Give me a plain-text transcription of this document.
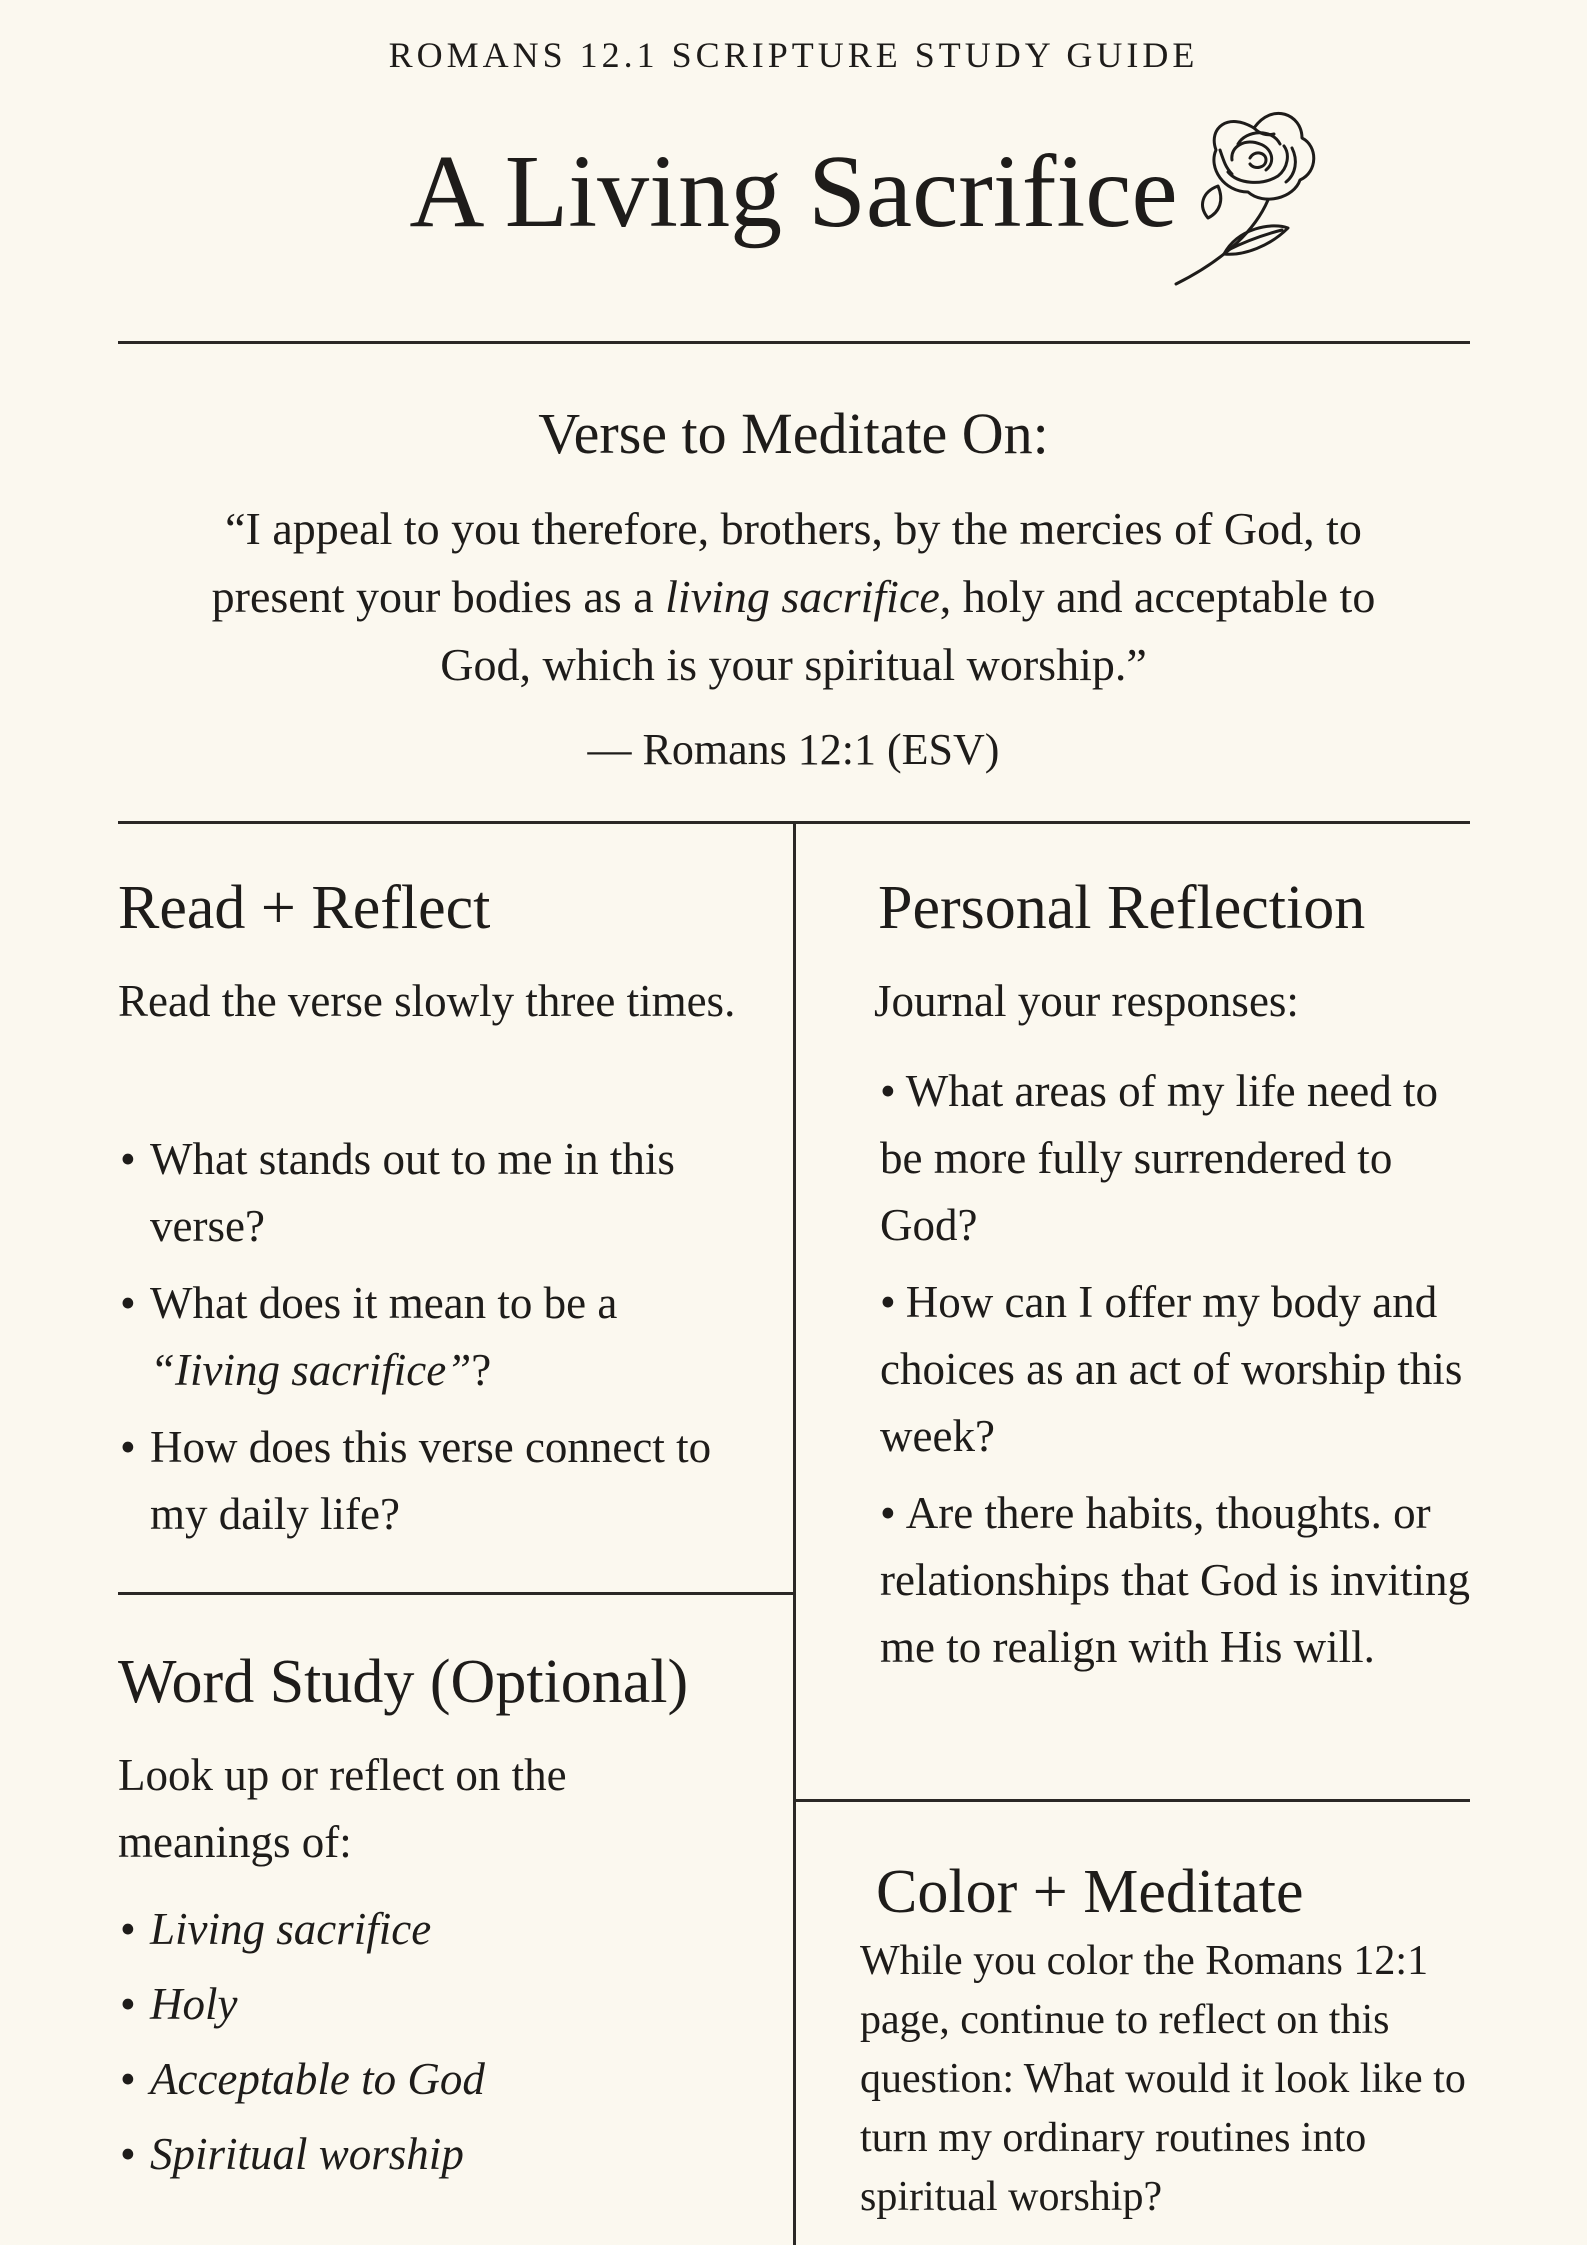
ROMANS 12.1 SCRIPTURE STUDY GUIDE
A Living Sacrifice
Verse to Meditate On:
“I appeal to you therefore, brothers, by the mercies of God, to present your bodies as a living sacrifice, holy and acceptable to God, which is your spiritual worship.”
— Romans 12:1 (ESV)
Read + Reflect
Read the verse slowly three times.
• What stands out to me in this verse?
• What does it mean to be a “Iiving sacrifice”?
• How does this verse connect to my daily life?
Word Study (Optional)
Look up or reflect on the meanings of:
• Living sacrifice
• Holy
• Acceptable to God
• Spiritual worship
Personal Reflection
Journal your responses:
• What areas of my life need to be more fully surrendered to God?
• How can I offer my body and choices as an act of worship this week?
• Are there habits, thoughts. or relationships that God is inviting me to realign with His will.
Color + Meditate
While you color the Romans 12:1 page, continue to reflect on this question: What would it look like to turn my ordinary routines into spiritual worship?
